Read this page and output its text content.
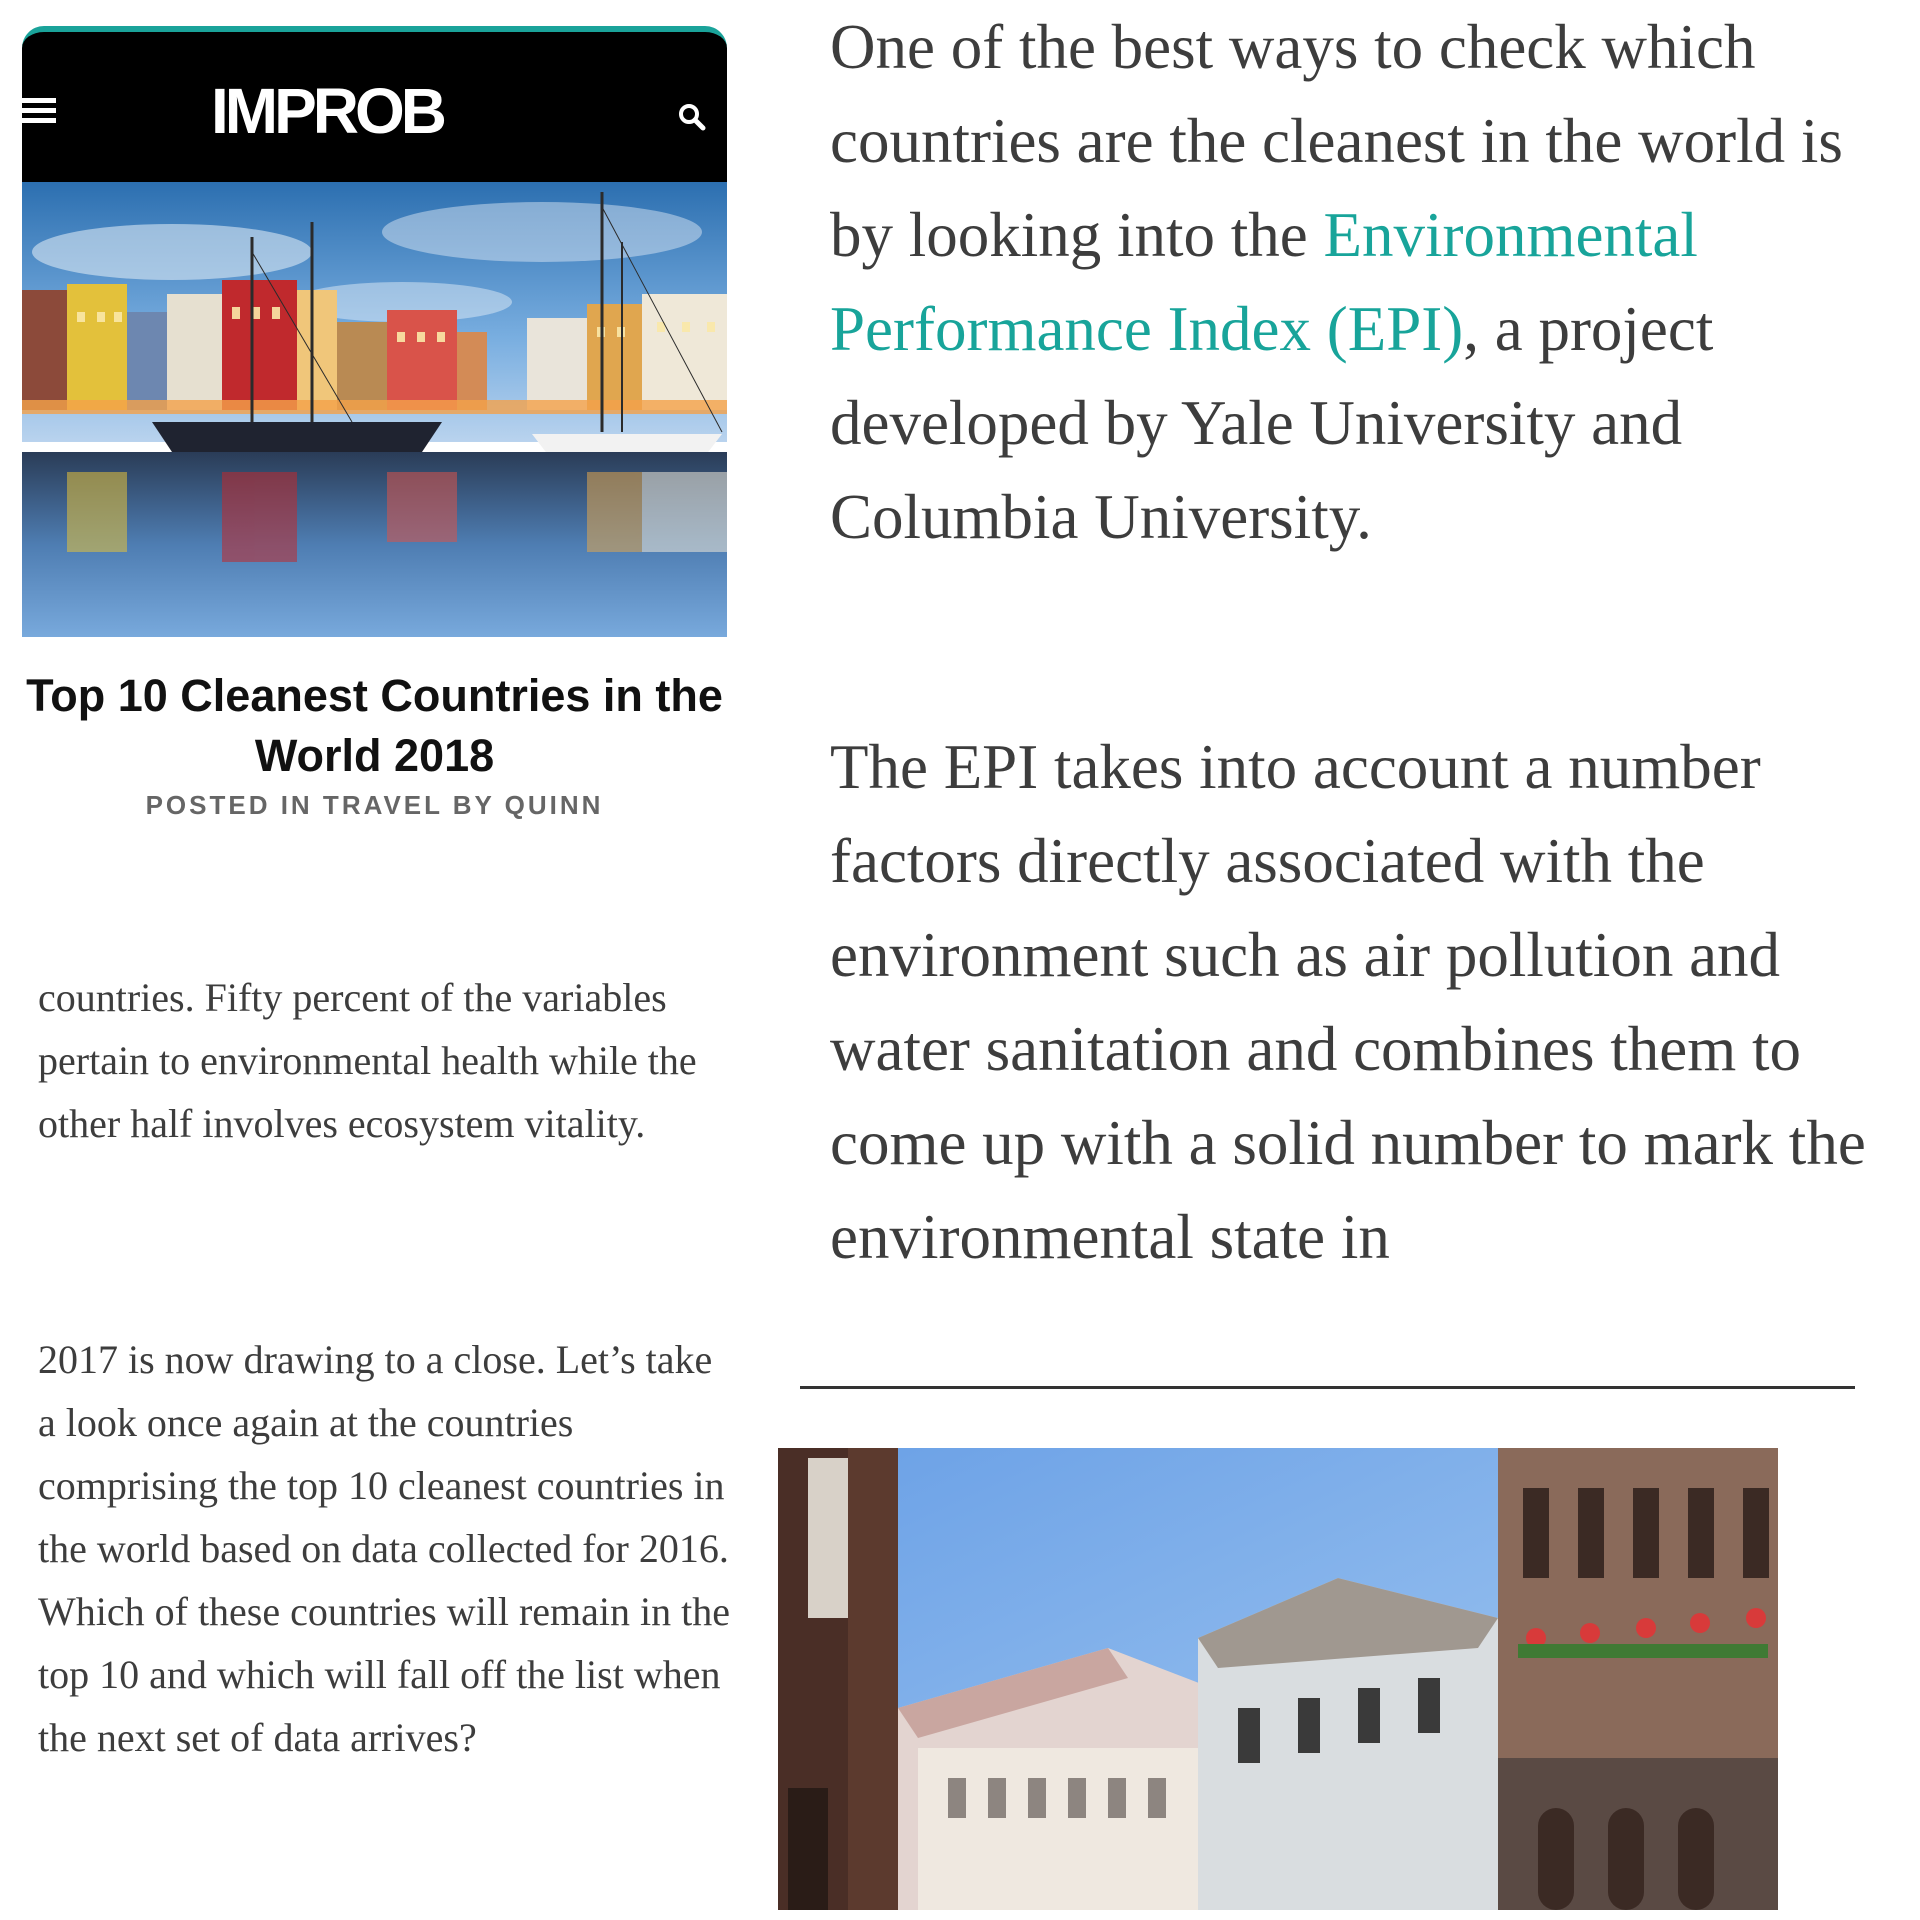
IMPROB
Top 10 Cleanest Countries in the World 2018
POSTED IN TRAVEL BY QUINN
countries. Fifty percent of the variables pertain to environmental health while the other half involves ecosystem vitality.
2017 is now drawing to a close. Let’s take a look once again at the countries comprising the top 10 cleanest countries in the world based on data collected for 2016. Which of these countries will remain in the top 10 and which will fall off the list when the next set of data arrives?
One of the best ways to check which countries are the cleanest in the world is by looking into the Environmental Performance Index (EPI), a project developed by Yale University and Columbia University.
The EPI takes into account a number factors directly associated with the environment such as air pollution and water sanitation and combines them to come up with a solid number to mark the environmental state in
